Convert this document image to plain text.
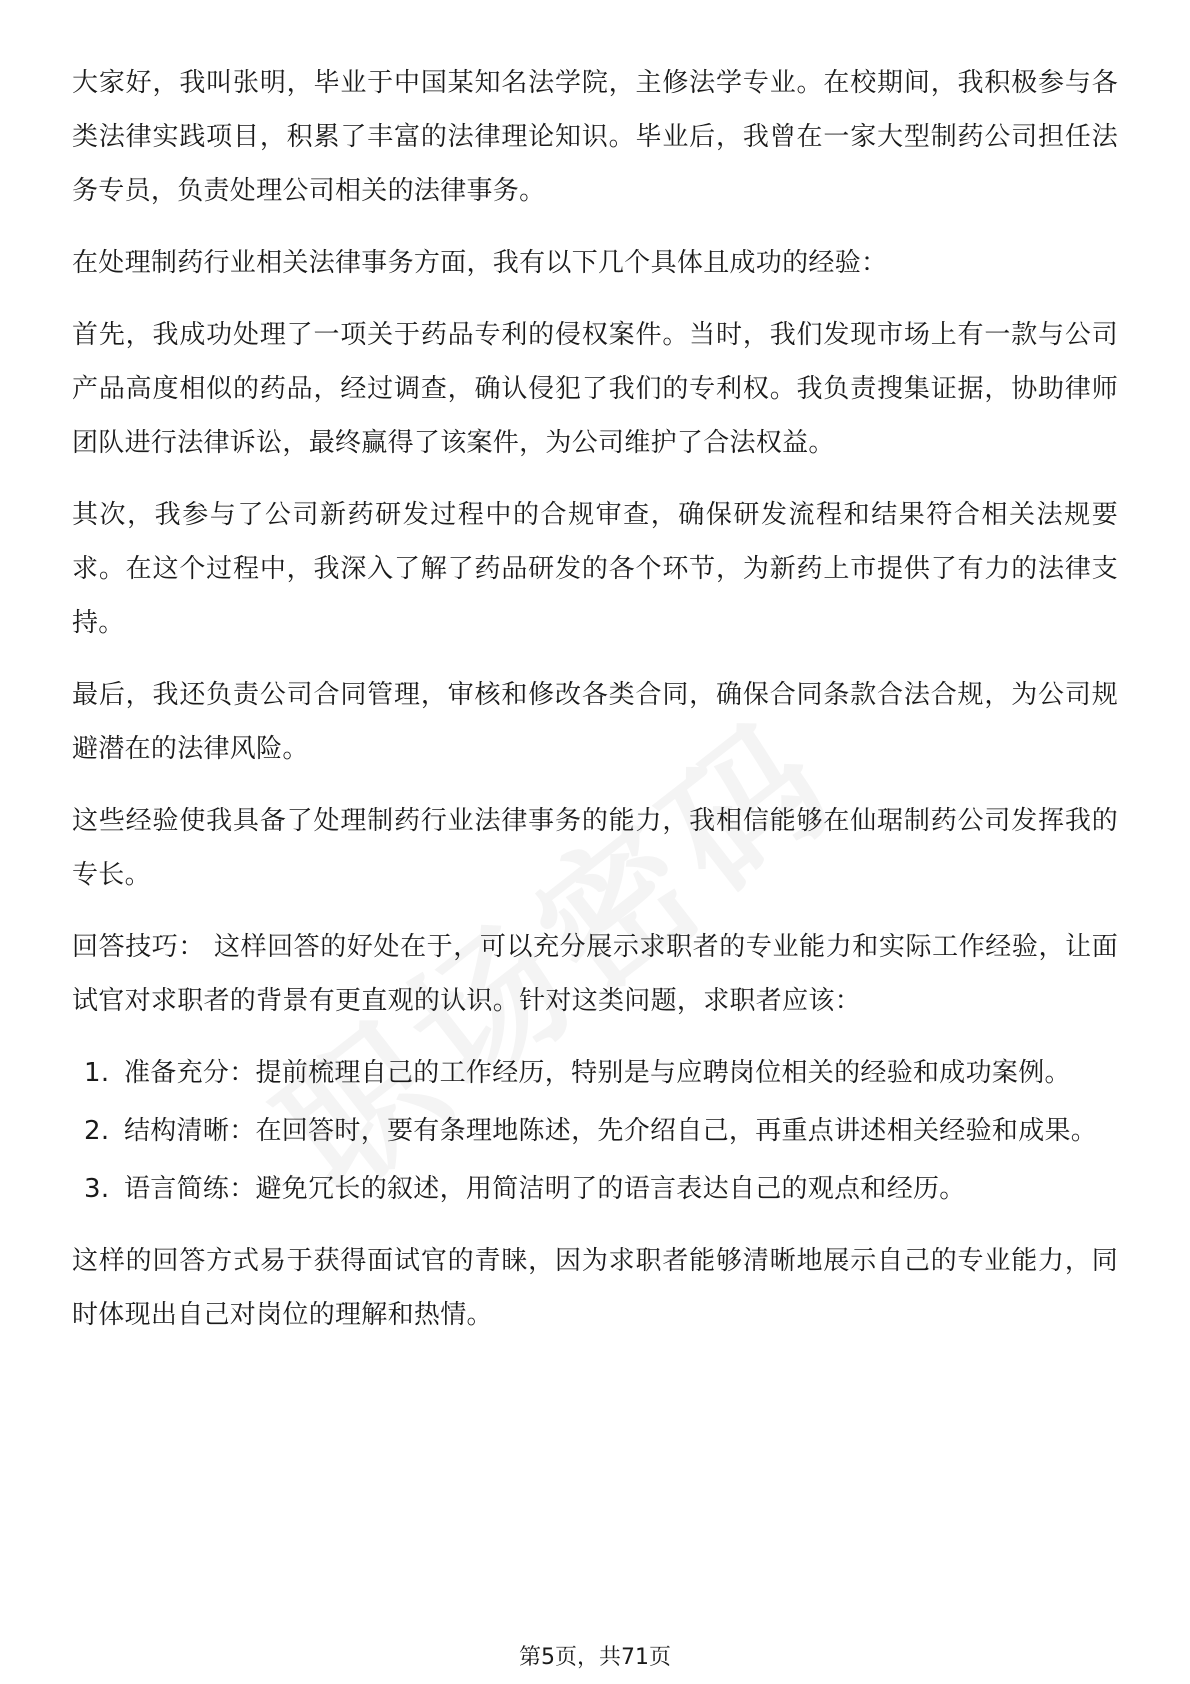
大家好，我叫张明，毕业于中国某知名法学院，主修法学专业。在校期间，我积极参与各类法律实践项目，积累了丰富的法律理论知识。毕业后，我曾在一家大型制药公司担任法务专员，负责处理公司相关的法律事务。

在处理制药行业相关法律事务方面，我有以下几个具体且成功的经验：

首先，我成功处理了一项关于药品专利的侵权案件。当时，我们发现市场上有一款与公司产品高度相似的药品，经过调查，确认侵犯了我们的专利权。我负责搜集证据，协助律师团队进行法律诉讼，最终赢得了该案件，为公司维护了合法权益。

其次，我参与了公司新药研发过程中的合规审查，确保研发流程和结果符合相关法规要求。在这个过程中，我深入了解了药品研发的各个环节，为新药上市提供了有力的法律支持。

最后，我还负责公司合同管理，审核和修改各类合同，确保合同条款合法合规，为公司规避潜在的法律风险。

这些经验使我具备了处理制药行业法律事务的能力，我相信能够在仙琚制药公司发挥我的专长。

回答技巧： 这样回答的好处在于，可以充分展示求职者的专业能力和实际工作经验，让面试官对求职者的背景有更直观的认识。针对这类问题，求职者应该：

1. 准备充分：提前梳理自己的工作经历，特别是与应聘岗位相关的经验和成功案例。
2. 结构清晰：在回答时，要有条理地陈述，先介绍自己，再重点讲述相关经验和成果。
3. 语言简练：避免冗长的叙述，用简洁明了的语言表达自己的观点和经历。

这样的回答方式易于获得面试官的青睐，因为求职者能够清晰地展示自己的专业能力，同时体现出自己对岗位的理解和热情。

第5页，共71页
